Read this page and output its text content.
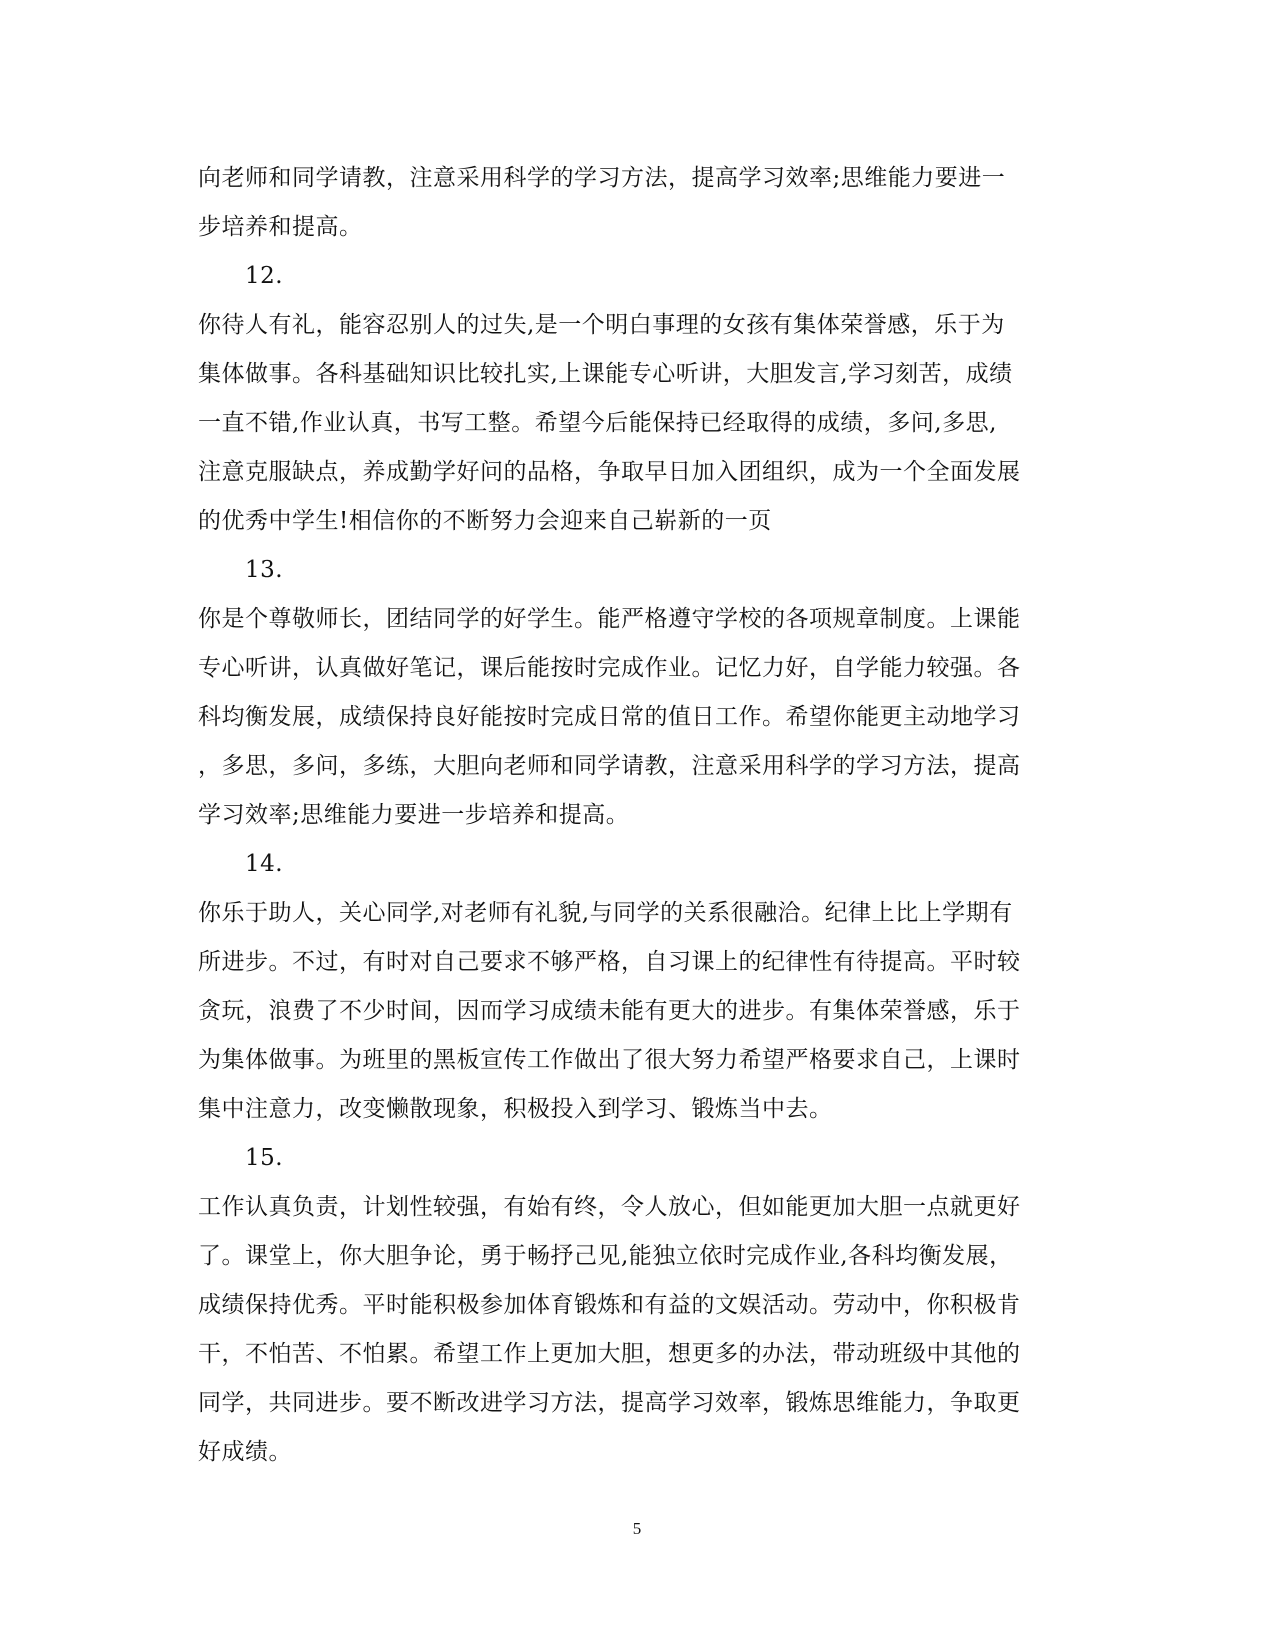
向老师和同学请教，注意采用科学的学习方法，提高学习效率;思维能力要进一
步培养和提高。
12.
你待人有礼，能容忍别人的过失,是一个明白事理的女孩有集体荣誉感，乐于为
集体做事。各科基础知识比较扎实,上课能专心听讲，大胆发言,学习刻苦，成绩
一直不错,作业认真，书写工整。希望今后能保持已经取得的成绩，多问,多思,
注意克服缺点，养成勤学好问的品格，争取早日加入团组织，成为一个全面发展
的优秀中学生!相信你的不断努力会迎来自己崭新的一页
13.
你是个尊敬师长，团结同学的好学生。能严格遵守学校的各项规章制度。上课能
专心听讲，认真做好笔记，课后能按时完成作业。记忆力好，自学能力较强。各
科均衡发展，成绩保持良好能按时完成日常的值日工作。希望你能更主动地学习
，多思，多问，多练，大胆向老师和同学请教，注意采用科学的学习方法，提高
学习效率;思维能力要进一步培养和提高。
14.
你乐于助人，关心同学,对老师有礼貌,与同学的关系很融洽。纪律上比上学期有
所进步。不过，有时对自己要求不够严格，自习课上的纪律性有待提高。平时较
贪玩，浪费了不少时间，因而学习成绩未能有更大的进步。有集体荣誉感，乐于
为集体做事。为班里的黑板宣传工作做出了很大努力希望严格要求自己，上课时
集中注意力，改变懒散现象，积极投入到学习、锻炼当中去。
15.
工作认真负责，计划性较强，有始有终，令人放心，但如能更加大胆一点就更好
了。课堂上，你大胆争论，勇于畅抒己见,能独立依时完成作业,各科均衡发展，
成绩保持优秀。平时能积极参加体育锻炼和有益的文娱活动。劳动中，你积极肯
干，不怕苦、不怕累。希望工作上更加大胆，想更多的办法，带动班级中其他的
同学，共同进步。要不断改进学习方法，提高学习效率，锻炼思维能力，争取更
好成绩。
5
